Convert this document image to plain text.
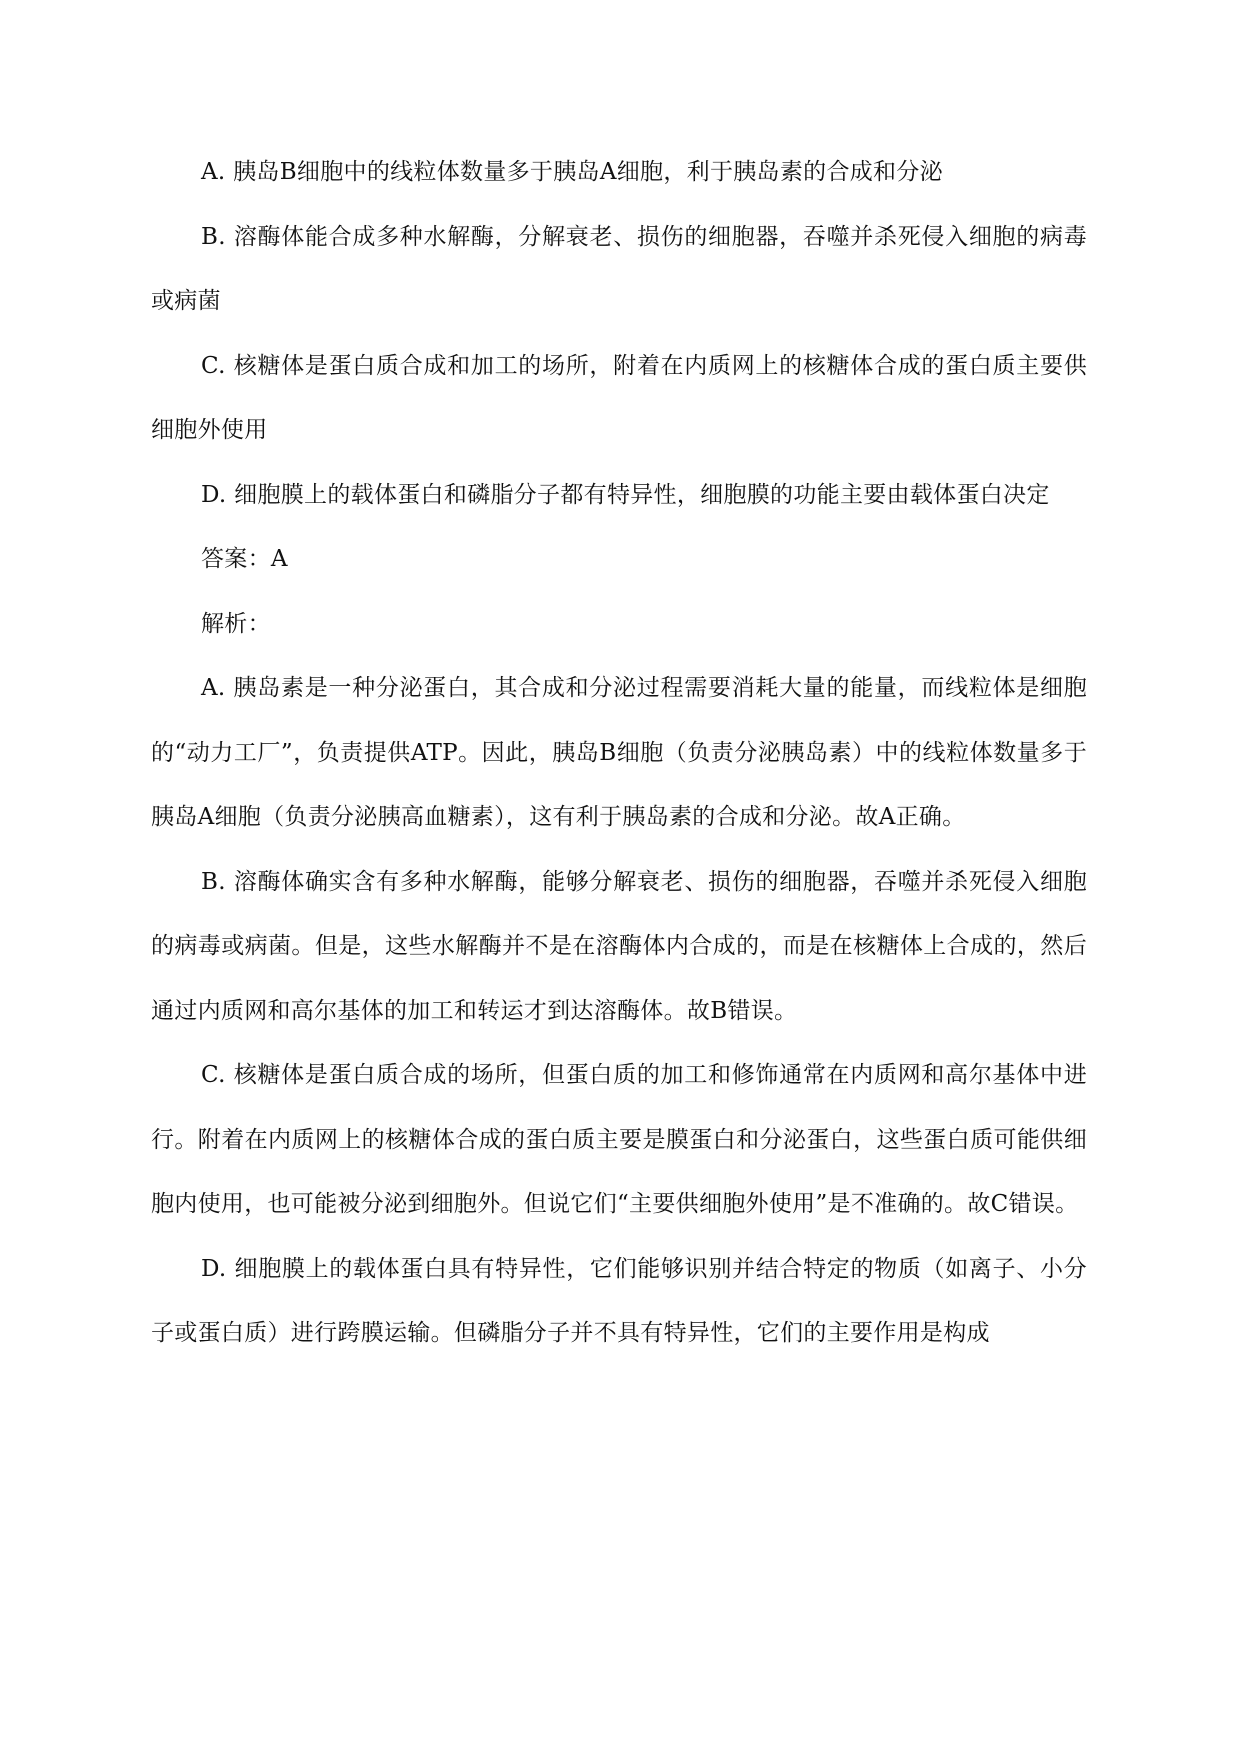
A. 胰岛B细胞中的线粒体数量多于胰岛A细胞，利于胰岛素的合成和分泌

B. 溶酶体能合成多种水解酶，分解衰老、损伤的细胞器，吞噬并杀死侵入细胞的病毒或病菌

C. 核糖体是蛋白质合成和加工的场所，附着在内质网上的核糖体合成的蛋白质主要供细胞外使用

D. 细胞膜上的载体蛋白和磷脂分子都有特异性，细胞膜的功能主要由载体蛋白决定

答案：A

解析：

A. 胰岛素是一种分泌蛋白，其合成和分泌过程需要消耗大量的能量，而线粒体是细胞的“动力工厂”，负责提供ATP。因此，胰岛B细胞（负责分泌胰岛素）中的线粒体数量多于胰岛A细胞（负责分泌胰高血糖素），这有利于胰岛素的合成和分泌。故A正确。

B. 溶酶体确实含有多种水解酶，能够分解衰老、损伤的细胞器，吞噬并杀死侵入细胞的病毒或病菌。但是，这些水解酶并不是在溶酶体内合成的，而是在核糖体上合成的，然后通过内质网和高尔基体的加工和转运才到达溶酶体。故B错误。

C. 核糖体是蛋白质合成的场所，但蛋白质的加工和修饰通常在内质网和高尔基体中进行。附着在内质网上的核糖体合成的蛋白质主要是膜蛋白和分泌蛋白，这些蛋白质可能供细胞内使用，也可能被分泌到细胞外。但说它们“主要供细胞外使用”是不准确的。故C错误。

D. 细胞膜上的载体蛋白具有特异性，它们能够识别并结合特定的物质（如离子、小分子或蛋白质）进行跨膜运输。但磷脂分子并不具有特异性，它们的主要作用是构成
